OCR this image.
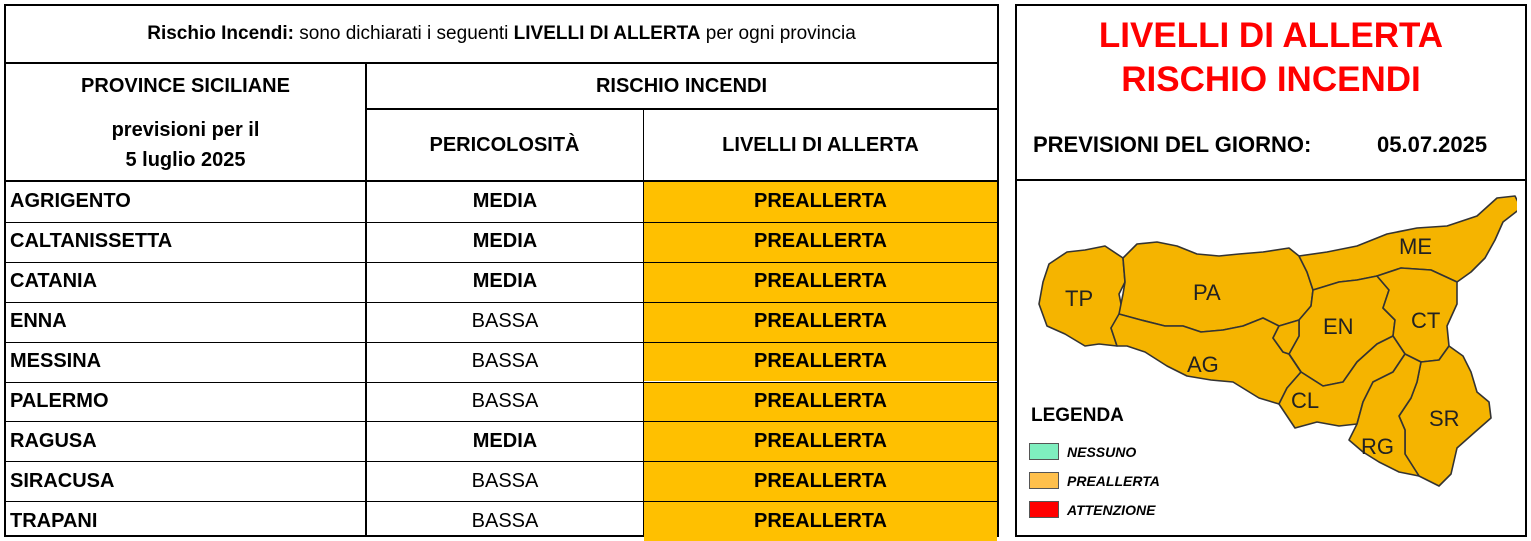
Rischio Incendi: sono dichiarati i seguenti LIVELLI DI ALLERTA per ogni provincia
PROVINCE SICILIANE	RISCHIO INCENDI
previsioni per il
5 luglio 2025
PERICOLOSITÀ	LIVELLI DI ALLERTA
AGRIGENTO	MEDIA	PREALLERTA
CALTANISSETTA	MEDIA	PREALLERTA
CATANIA	MEDIA	PREALLERTA
ENNA	BASSA	PREALLERTA
MESSINA	BASSA	PREALLERTA
PALERMO	BASSA	PREALLERTA
RAGUSA	MEDIA	PREALLERTA
SIRACUSA	BASSA	PREALLERTA
TRAPANI	BASSA	PREALLERTA
LIVELLI DI ALLERTA
RISCHIO INCENDI
PREVISIONI DEL GIORNO:	05.07.2025
TP	PA
ME
EN	CT
AG
CL
SR
RG
LEGENDA
NESSUNO
PREALLERTA
ATTENZIONE
